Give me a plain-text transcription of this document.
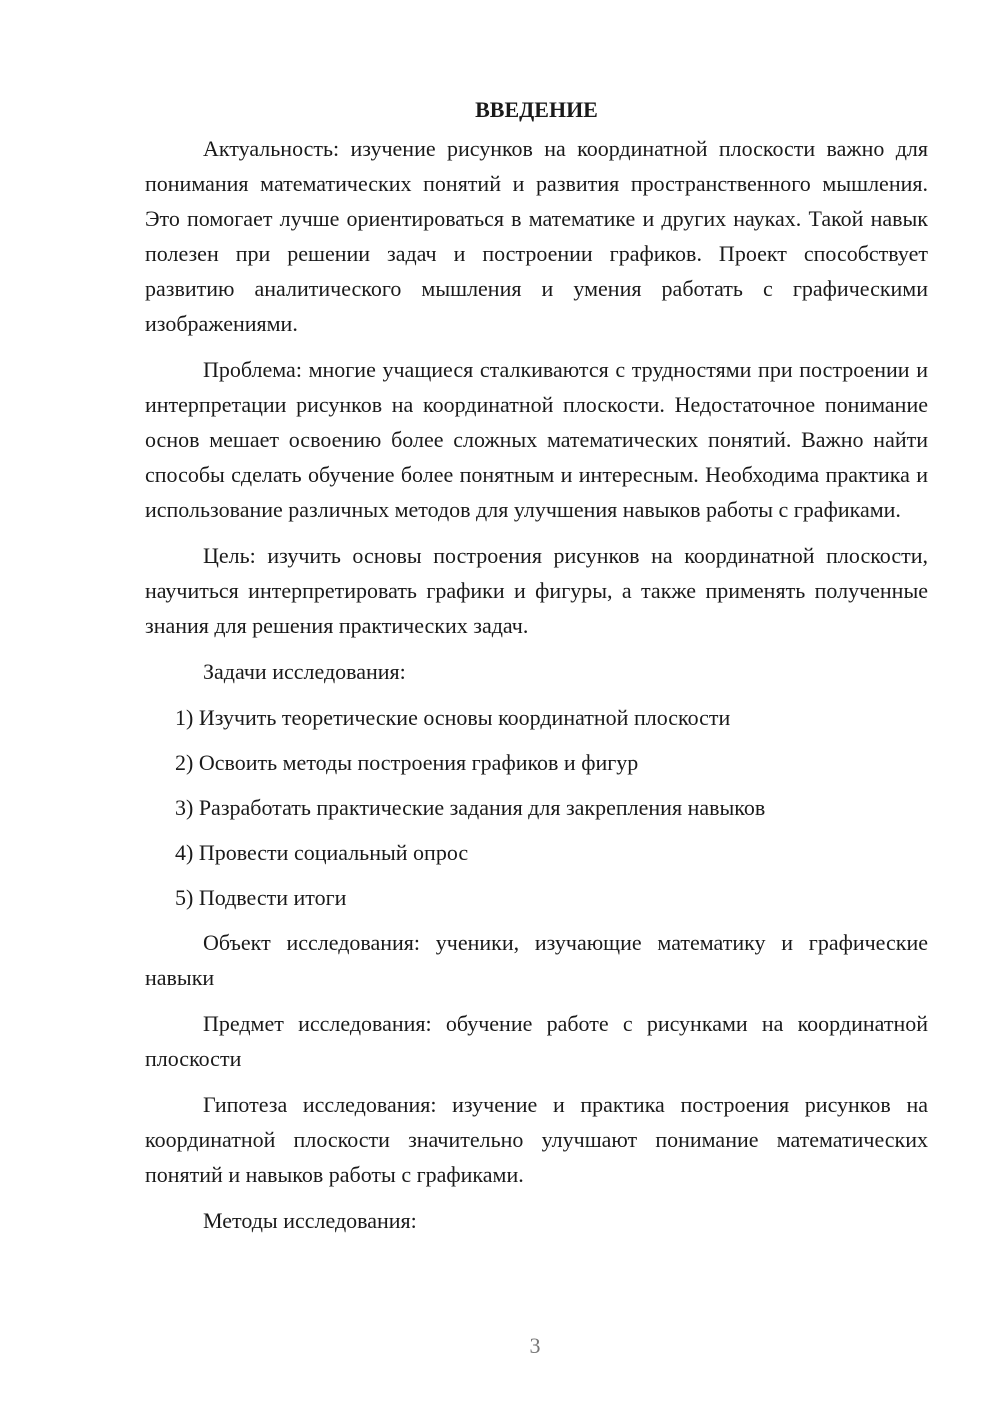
ВВЕДЕНИЕ

Актуальность: изучение рисунков на координатной плоскости важно для понимания математических понятий и развития пространственного мышления. Это помогает лучше ориентироваться в математике и других науках. Такой навык полезен при решении задач и построении графиков. Проект способствует развитию аналитического мышления и умения работать с графическими изображениями.

Проблема: многие учащиеся сталкиваются с трудностями при построении и интерпретации рисунков на координатной плоскости. Недостаточное понимание основ мешает освоению более сложных математических понятий. Важно найти способы сделать обучение более понятным и интересным. Необходима практика и использование различных методов для улучшения навыков работы с графиками.

Цель: изучить основы построения рисунков на координатной плоскости, научиться интерпретировать графики и фигуры, а также применять полученные знания для решения практических задач.

Задачи исследования:

1) Изучить теоретические основы координатной плоскости
2) Освоить методы построения графиков и фигур
3) Разработать практические задания для закрепления навыков
4) Провести социальный опрос
5) Подвести итоги

Объект исследования: ученики, изучающие математику и графические навыки

Предмет исследования: обучение работе с рисунками на координатной плоскости

Гипотеза исследования: изучение и практика построения рисунков на координатной плоскости значительно улучшают понимание математических понятий и навыков работы с графиками.

Методы исследования:

3
